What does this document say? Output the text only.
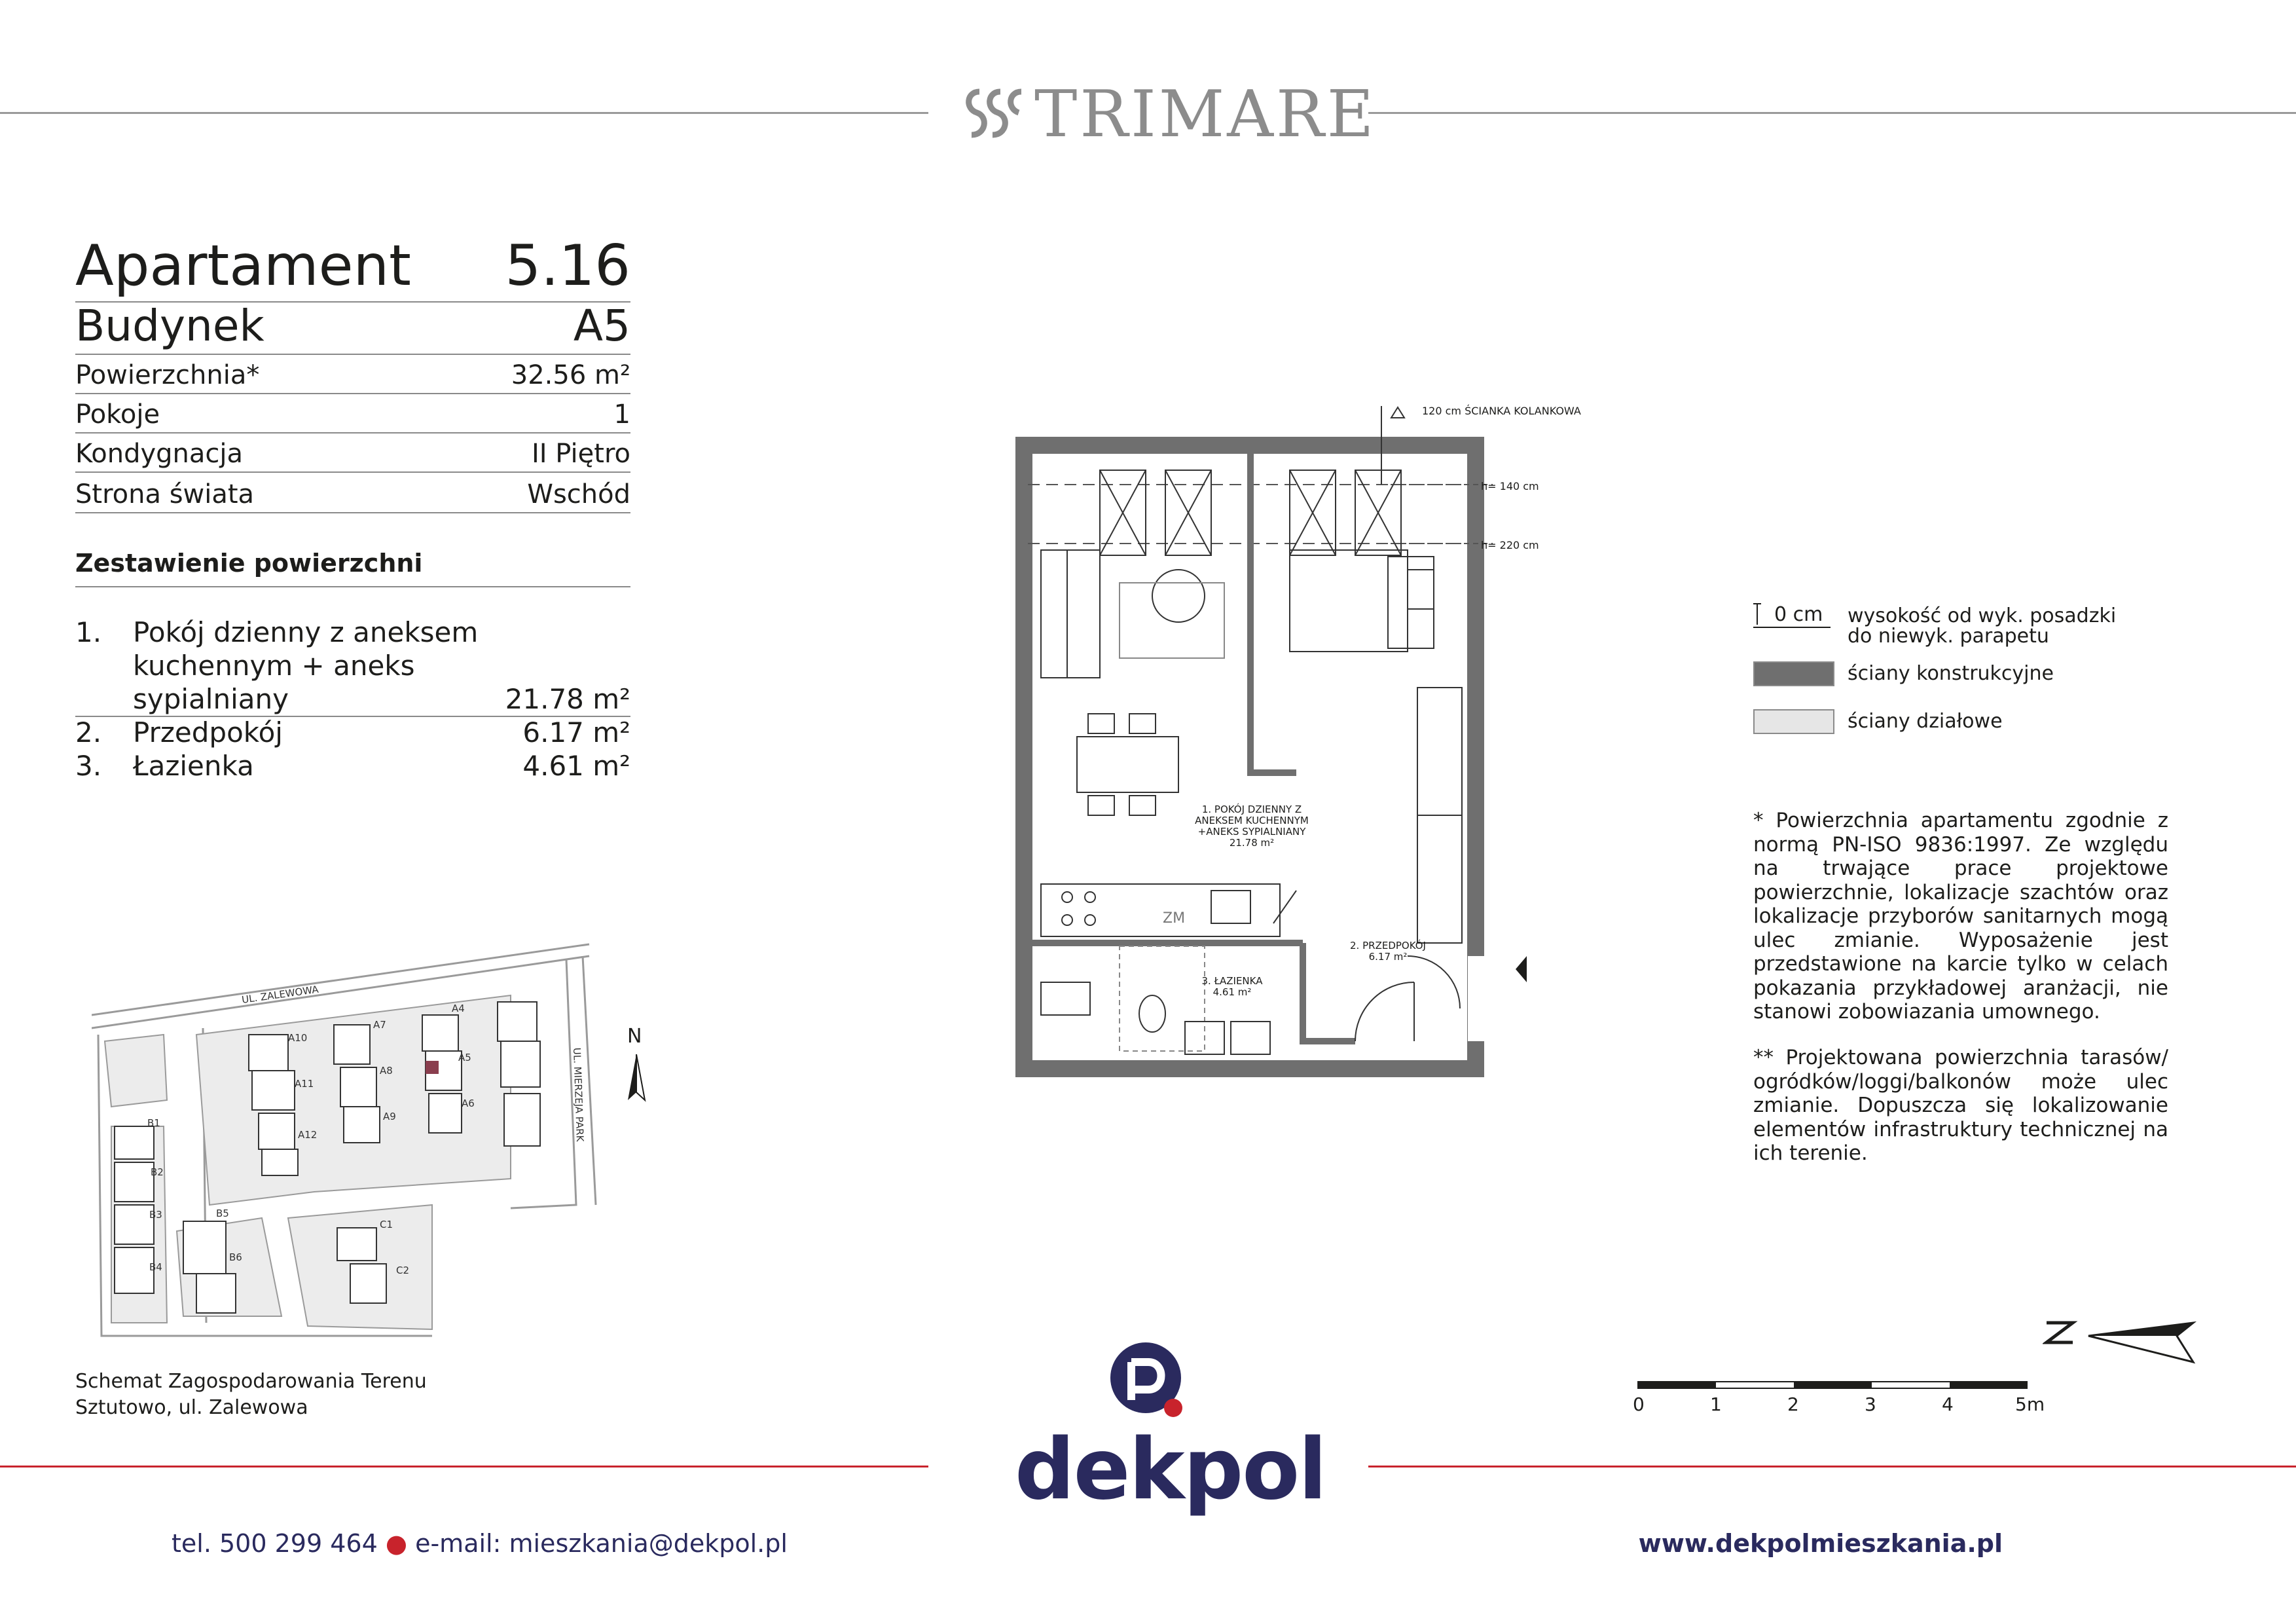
TRIMARE
Apartament 5.16
Budynek	A5
Powierzchnia*	32.56 m²
Pokoje	1
Kondygnacja	II Piętro
Strona świata	Wschód
Zestawienie powierzchni
1. Pokój dzienny z aneksem kuchennym + aneks sypialniany	21.78 m²
2. Przedpokój	6.17 m²
3. Łazienka	4.61 m²
120 cm ŚCIANKA KOLANKOWA
h= 140 cm
h= 220 cm
1. POKÓJ DZIENNY Z
ANEKSEM KUCHENNYM
+ANEKS SYPIALNIANY
21.78 m²
2. PRZEDPOKÓJ
6.17 m²
3. ŁAZIENKA
4.61 m²
ZM
0 cm wysokość od wyk. posadzki
do niewyk. parapetu
ściany konstrukcyjne
ściany działowe
* Powierzchnia apartamentu zgodnie z normą PN-ISO 9836:1997. Ze względu na trwające prace projektowe powierzchnie, lokalizacje szachtów oraz lokalizacje przyborów sanitarnych mogą ulec zmianie. Wyposażenie jest przedstawione na karcie tylko w celach pokazania przykładowej aranżacji, nie stanowi zobowiazania umownego.
** Projektowana powierzchnia tarasów/ ogródków/loggi/balkonów może ulec zmianie. Dopuszcza się lokalizowanie elementów infrastruktury technicznej na ich terenie.
0	1	2	3	4	5m
UL. ZALEWOWA
UL. MIERZEJA PARK
A4
A5
A6
A7
A8
A9
A10
A11
A12
B1
B2
B3
B4
B5
B6
C1
C2
N
Schemat Zagospodarowania Terenu
Sztutowo, ul. Zalewowa
dekpol
tel. 500 299 464 ● e-mail: mieszkania@dekpol.pl	www.dekpolmieszkania.pl
